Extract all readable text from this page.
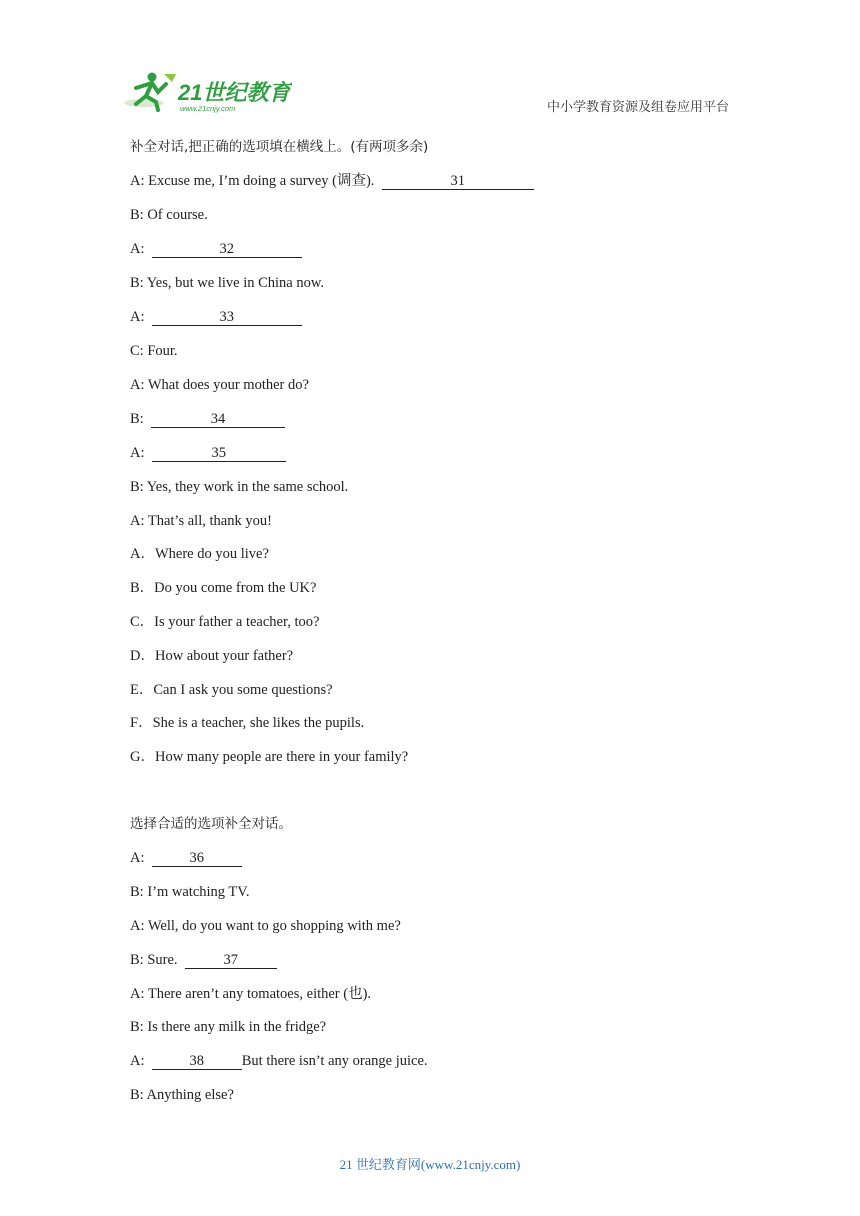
21世纪教育
www.21cnjy.com	中小学教育资源及组卷应用平台
补全对话,把正确的选项填在横线上。(有两项多余)
A: Excuse me, I’m doing a survey (调查).	31
B: Of course.
A:	32
B: Yes, but we live in China now.
A:	33
C: Four.
A: What does your mother do?
B:	34
A:	35
B: Yes, they work in the same school.
A: That’s all, thank you!
A．Where do you live?
B．Do you come from the UK?
C．Is your father a teacher, too?
D．How about your father?
E．Can I ask you some questions?
F．She is a teacher, she likes the pupils.
G．How many people are there in your family?
选择合适的选项补全对话。
A:	36
B: I’m watching TV.
A: Well, do you want to go shopping with me?
B: Sure.	37
A: There aren’t any tomatoes, either (也).
B: Is there any milk in the fridge?
A:	38	But there isn’t any orange juice.
B: Anything else?
21 世纪教育网(www.21cnjy.com)
